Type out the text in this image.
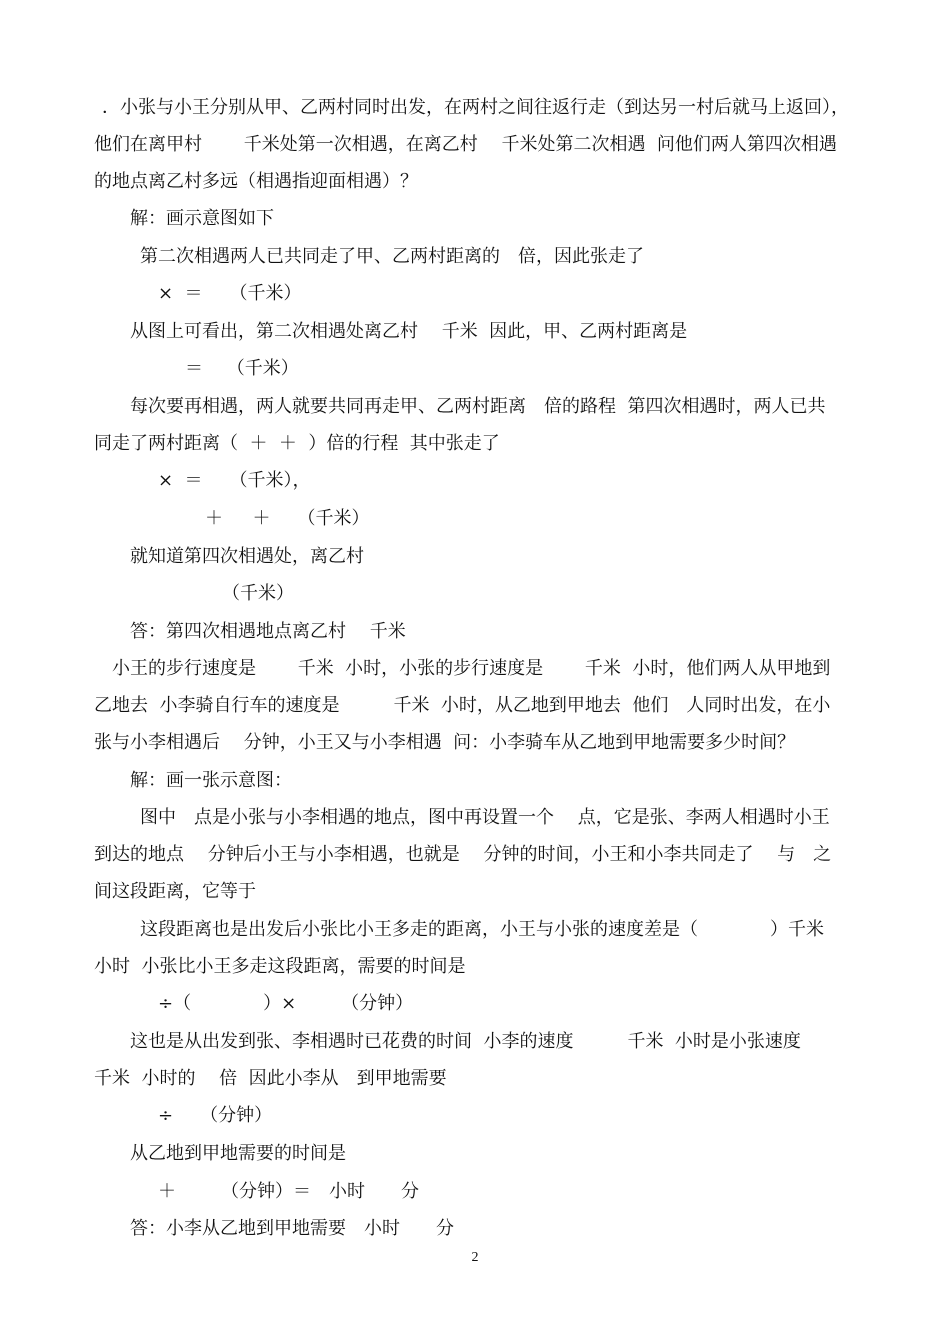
．小张与小王分别从甲、乙两村同时出发，在两村之间往返行走（到达另一村后就马上返回），
他们在离甲村　　 千米处第一次相遇，在离乙村　 千米处第二次相遇  问他们两人第四次相遇
的地点离乙村多远（相遇指迎面相遇）？
解：画示意图如下
第二次相遇两人已共同走了甲、乙两村距离的　倍，因此张走了
×  ＝　　（千米）
从图上可看出，第二次相遇处离乙村　 千米  因此，甲、乙两村距离是
＝　 （千米）
每次要再相遇，两人就要共同再走甲、乙两村距离　倍的路程  第四次相遇时，两人已共
同走了两村距离（  ＋  ＋  ）倍的行程  其中张走了
×  ＝　　（千米），
＋　  ＋　　（千米）
就知道第四次相遇处，离乙村
（千米）
答：第四次相遇地点离乙村　 千米
小王的步行速度是　　 千米  小时，小张的步行速度是　　 千米  小时，他们两人从甲地到
乙地去  小李骑自行车的速度是　　　千米  小时，从乙地到甲地去  他们　人同时出发，在小
张与小李相遇后　 分钟，小王又与小李相遇  问：小李骑车从乙地到甲地需要多少时间？
解：画一张示意图：
图中　点是小张与小李相遇的地点，图中再设置一个　 点，它是张、李两人相遇时小王
到达的地点　 分钟后小王与小李相遇，也就是　 分钟的时间，小王和小李共同走了　 与　之
间这段距离，它等于
这段距离也是出发后小张比小王多走的距离，小王与小张的速度差是（　　　　）千米
小时  小张比小王多走这段距离，需要的时间是
÷（　　　　）×　　　（分钟）
这也是从出发到张、李相遇时已花费的时间  小李的速度　　　千米  小时是小张速度
千米  小时的　 倍  因此小李从　到甲地需要
÷　　（分钟）
从乙地到甲地需要的时间是
＋　　　（分钟）＝　小时　　分
答：小李从乙地到甲地需要　小时　　分
2
